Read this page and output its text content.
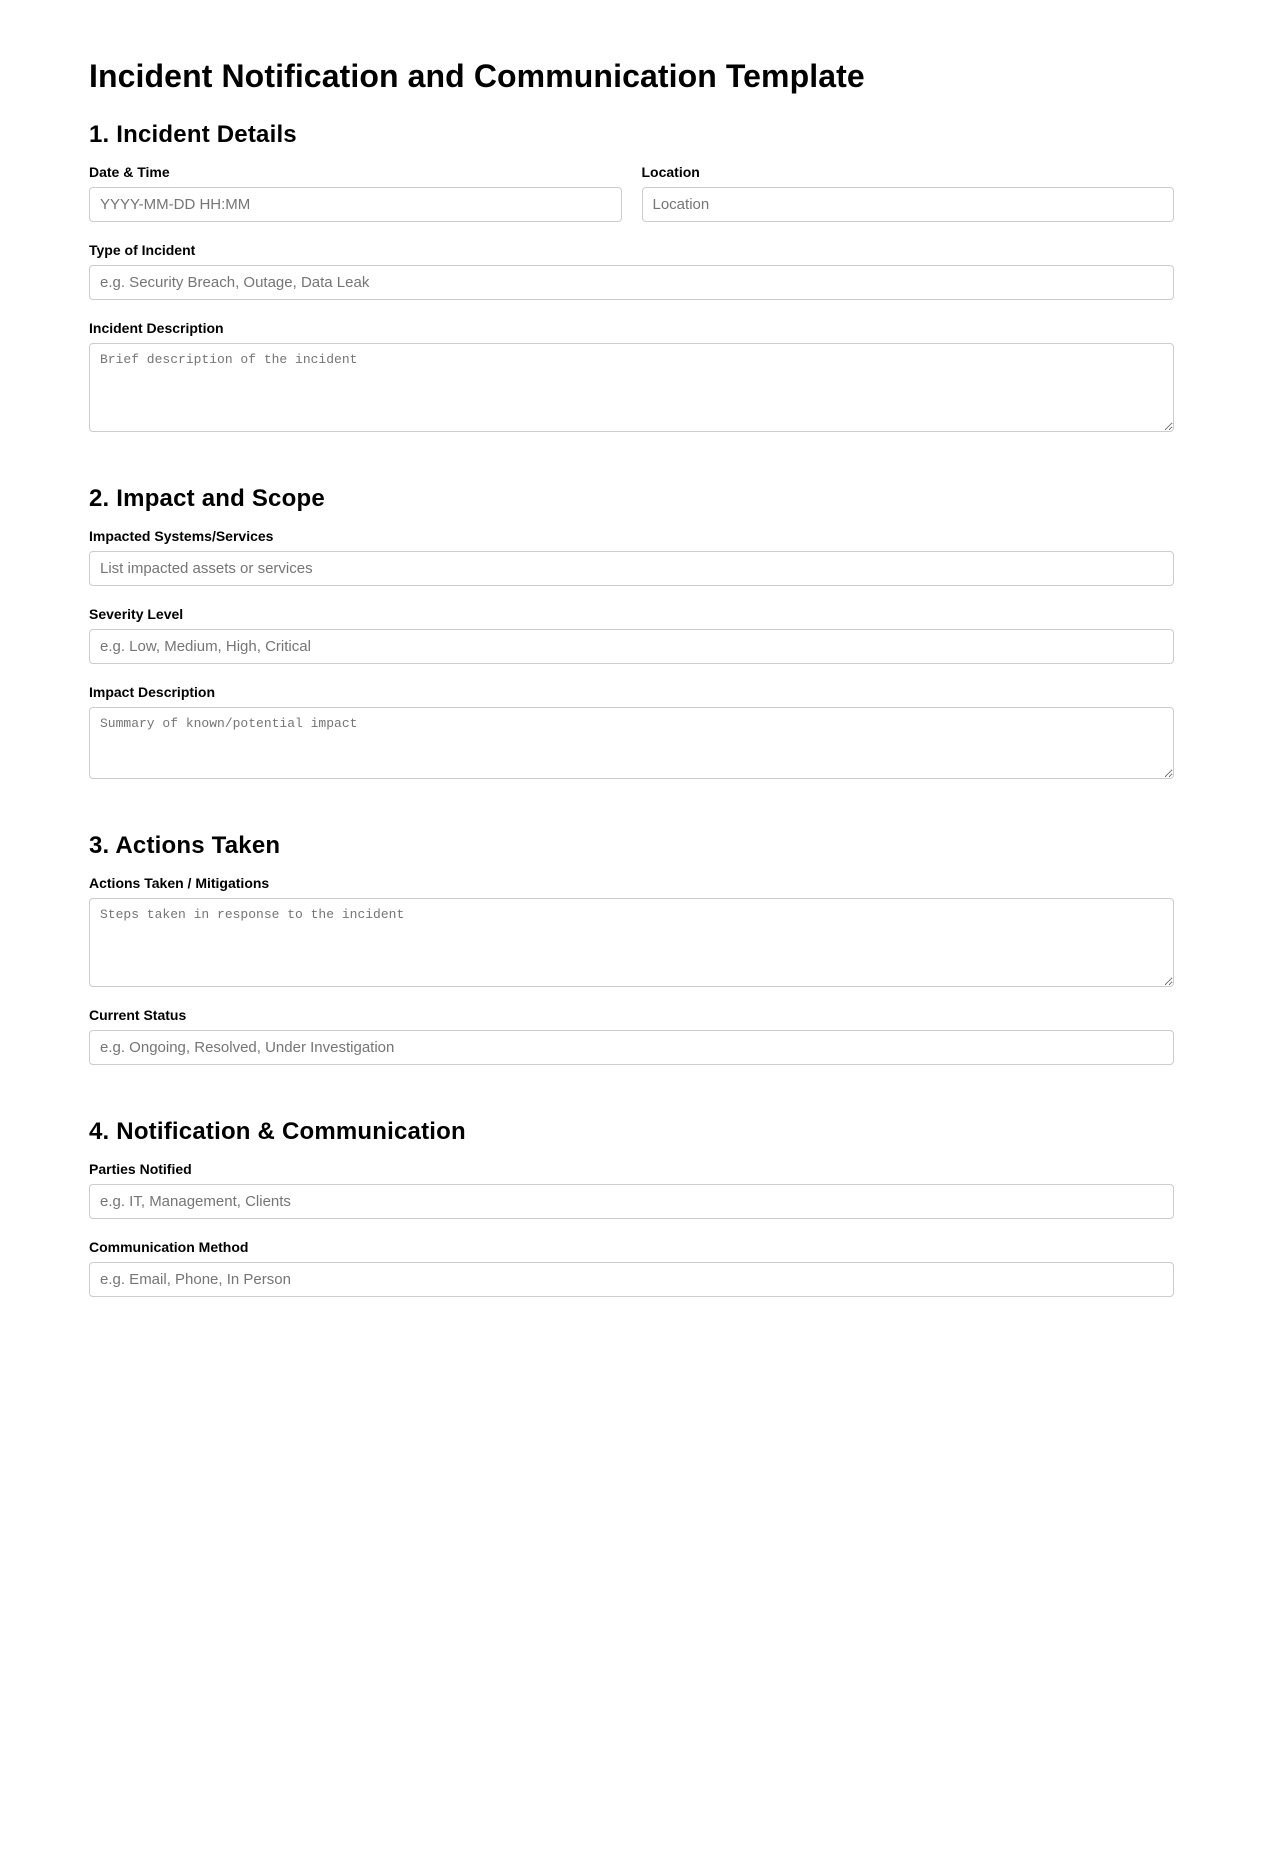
Incident Notification and Communication Template
1. Incident Details
Date & Time
YYYY-MM-DD HH:MM	Location
Location
Type of Incident
e.g. Security Breach, Outage, Data Leak
Incident Description
Brief description of the incident
2. Impact and Scope
Impacted Systems/Services
List impacted assets or services
Severity Level
e.g. Low, Medium, High, Critical
Impact Description
Summary of known/potential impact
3. Actions Taken
Actions Taken / Mitigations
Steps taken in response to the incident
Current Status
e.g. Ongoing, Resolved, Under Investigation
4. Notification & Communication
Parties Notified
e.g. IT, Management, Clients
Communication Method
e.g. Email, Phone, In Person
